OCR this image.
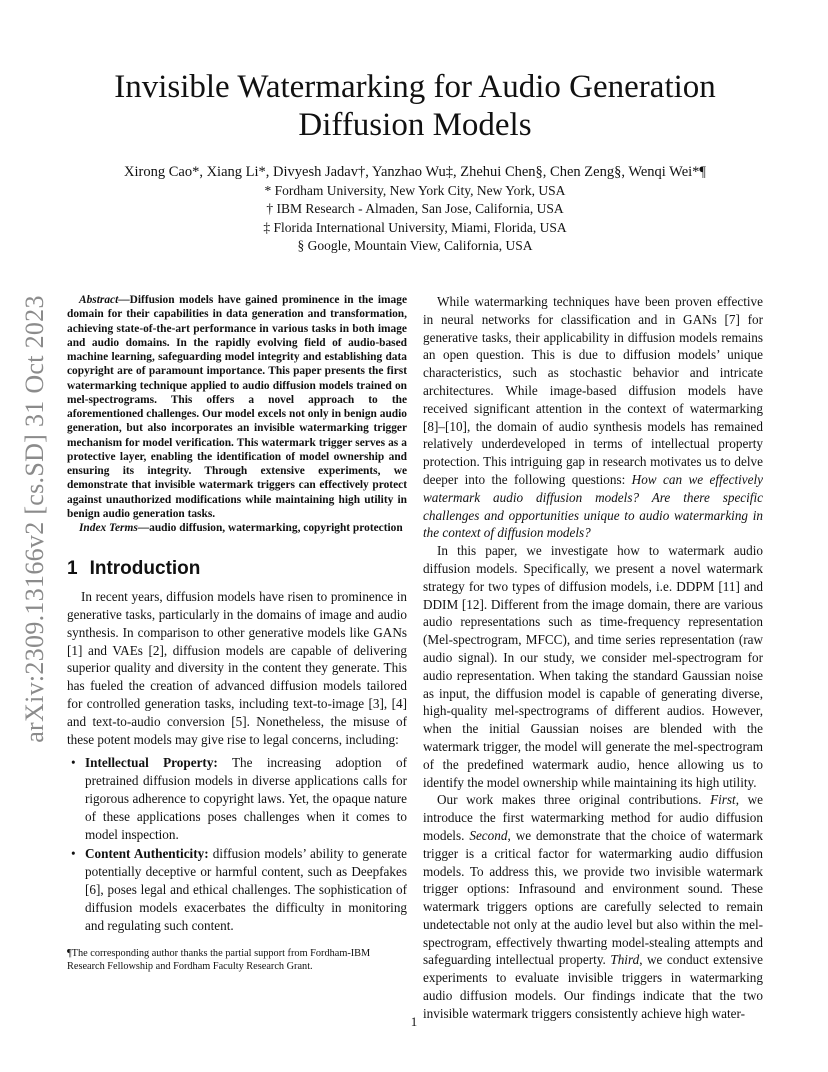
arXiv:2309.13166v2 [cs.SD] 31 Oct 2023
Invisible Watermarking for Audio Generation
Diffusion Models
Xirong Cao*, Xiang Li*, Divyesh Jadav†, Yanzhao Wu‡, Zhehui Chen§, Chen Zeng§, Wenqi Wei*¶
* Fordham University, New York City, New York, USA
† IBM Research - Almaden, San Jose, California, USA
‡ Florida International University, Miami, Florida, USA
§ Google, Mountain View, California, USA

Abstract—Diffusion models have gained prominence in the image domain for their capabilities in data generation and transformation, achieving state-of-the-art performance in various tasks in both image and audio domains. In the rapidly evolving field of audio-based machine learning, safeguarding model integrity and establishing data copyright are of paramount importance. This paper presents the first watermarking technique applied to audio diffusion models trained on mel-spectrograms. This offers a novel approach to the aforementioned challenges. Our model excels not only in benign audio generation, but also incorporates an invisible watermarking trigger mechanism for model verification. This watermark trigger serves as a protective layer, enabling the identification of model ownership and ensuring its integrity. Through extensive experiments, we demonstrate that invisible watermark triggers can effectively protect against unauthorized modifications while maintaining high utility in benign audio generation tasks.

Index Terms—audio diffusion, watermarking, copyright protection

1 Introduction

In recent years, diffusion models have risen to prominence in generative tasks, particularly in the domains of image and audio synthesis. In comparison to other generative models like GANs [1] and VAEs [2], diffusion models are capable of delivering superior quality and diversity in the content they generate. This has fueled the creation of advanced diffusion models tailored for controlled generation tasks, including text-to-image [3], [4] and text-to-audio conversion [5]. Nonetheless, the misuse of these potent models may give rise to legal concerns, including:

• Intellectual Property: The increasing adoption of pretrained diffusion models in diverse applications calls for rigorous adherence to copyright laws. Yet, the opaque nature of these applications poses challenges when it comes to model inspection.
• Content Authenticity: diffusion models’ ability to generate potentially deceptive or harmful content, such as Deepfakes [6], poses legal and ethical challenges. The sophistication of diffusion models exacerbates the difficulty in monitoring and regulating such content.
¶The corresponding author thanks the partial support from Fordham-IBM Research Fellowship and Fordham Faculty Research Grant.

While watermarking techniques have been proven effective in neural networks for classification and in GANs [7] for generative tasks, their applicability in diffusion models remains an open question. This is due to diffusion models’ unique characteristics, such as stochastic behavior and intricate architectures. While image-based diffusion models have received significant attention in the context of watermarking [8]–[10], the domain of audio synthesis models has remained relatively underdeveloped in terms of intellectual property protection. This intriguing gap in research motivates us to delve deeper into the following questions: How can we effectively watermark audio diffusion models? Are there specific challenges and opportunities unique to audio watermarking in the context of diffusion models?

In this paper, we investigate how to watermark audio diffusion models. Specifically, we present a novel watermark strategy for two types of diffusion models, i.e. DDPM [11] and DDIM [12]. Different from the image domain, there are various audio representations such as time-frequency representation (Mel-spectrogram, MFCC), and time series representation (raw audio signal). In our study, we consider mel-spectrogram for audio representation. When taking the standard Gaussian noise as input, the diffusion model is capable of generating diverse, high-quality mel-spectrograms of different audios. However, when the initial Gaussian noises are blended with the watermark trigger, the model will generate the mel-spectrogram of the predefined watermark audio, hence allowing us to identify the model ownership while maintaining its high utility.

Our work makes three original contributions. First, we introduce the first watermarking method for audio diffusion models. Second, we demonstrate that the choice of watermark trigger is a critical factor for watermarking audio diffusion models. To address this, we provide two invisible watermark trigger options: Infrasound and environment sound. These watermark triggers options are carefully selected to remain undetectable not only at the audio level but also within the mel-spectrogram, effectively thwarting model-stealing attempts and safeguarding intellectual property. Third, we conduct extensive experiments to evaluate invisible triggers in watermarking audio diffusion models. Our findings indicate that the two invisible watermark triggers consistently achieve high water-

1
